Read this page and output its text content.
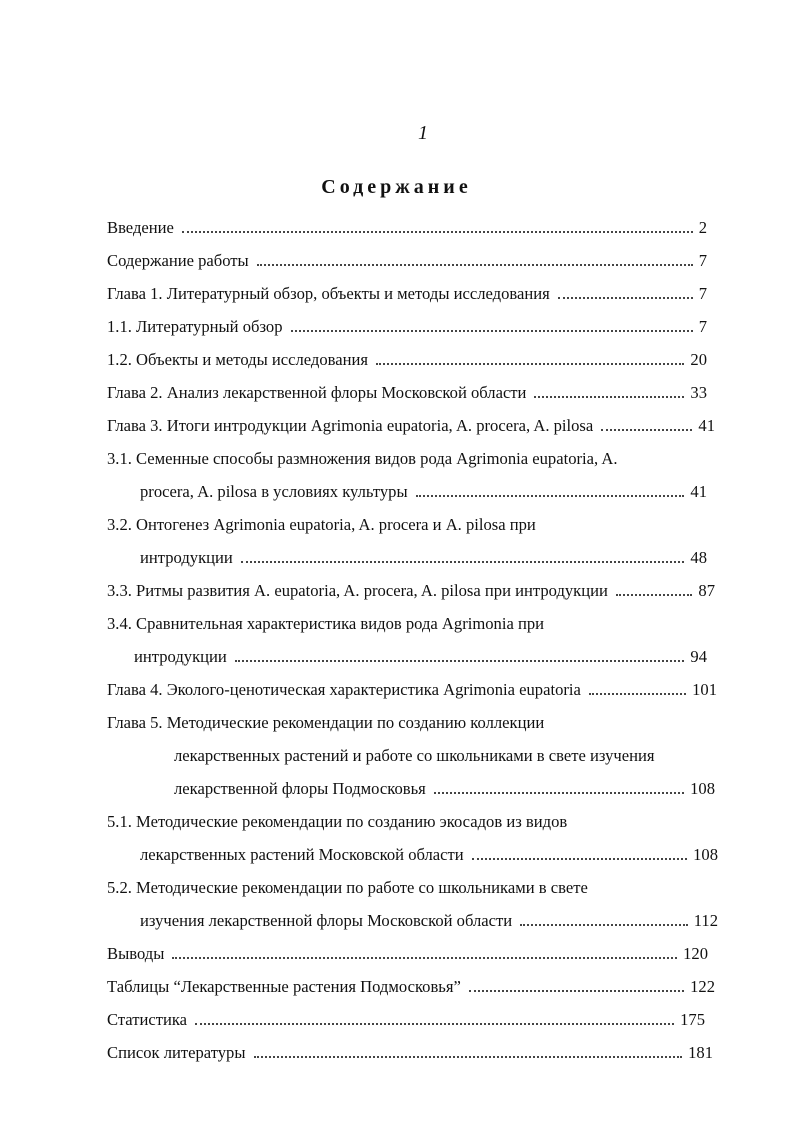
1
Содержание
Введение	2
Содержание работы	7
Глава 1. Литературный обзор, объекты и методы исследования	7
1.1. Литературный обзор	7
1.2. Объекты и методы исследования	20
Глава 2. Анализ лекарственной флоры Московской области	33
Глава 3. Итоги интродукции Agrimonia eupatoria, A. procera, A. pilosa	41
3.1. Семенные способы размножения видов рода Agrimonia eupatoria, A.
procera, A. pilosa в условиях культуры	41
3.2. Онтогенез Agrimonia eupatoria, A. procera и A. pilosa при
интродукции	48
3.3. Ритмы развития A. eupatoria, A. procera, A. pilosa при интродукции	87
3.4. Сравнительная характеристика видов рода Agrimonia при
интродукции	94
Глава 4. Эколого-ценотическая характеристика Agrimonia eupatoria	101
Глава 5. Методические рекомендации по созданию коллекции
лекарственных растений и работе со школьниками в свете изучения
лекарственной флоры Подмосковья	108
5.1. Методические рекомендации по созданию экосадов из видов
лекарственных растений Московской области	108
5.2. Методические рекомендации по работе со школьниками в свете
изучения лекарственной флоры Московской области	112
Выводы	120
Таблицы “Лекарственные растения Подмосковья”	122
Статистика	175
Список литературы	181
